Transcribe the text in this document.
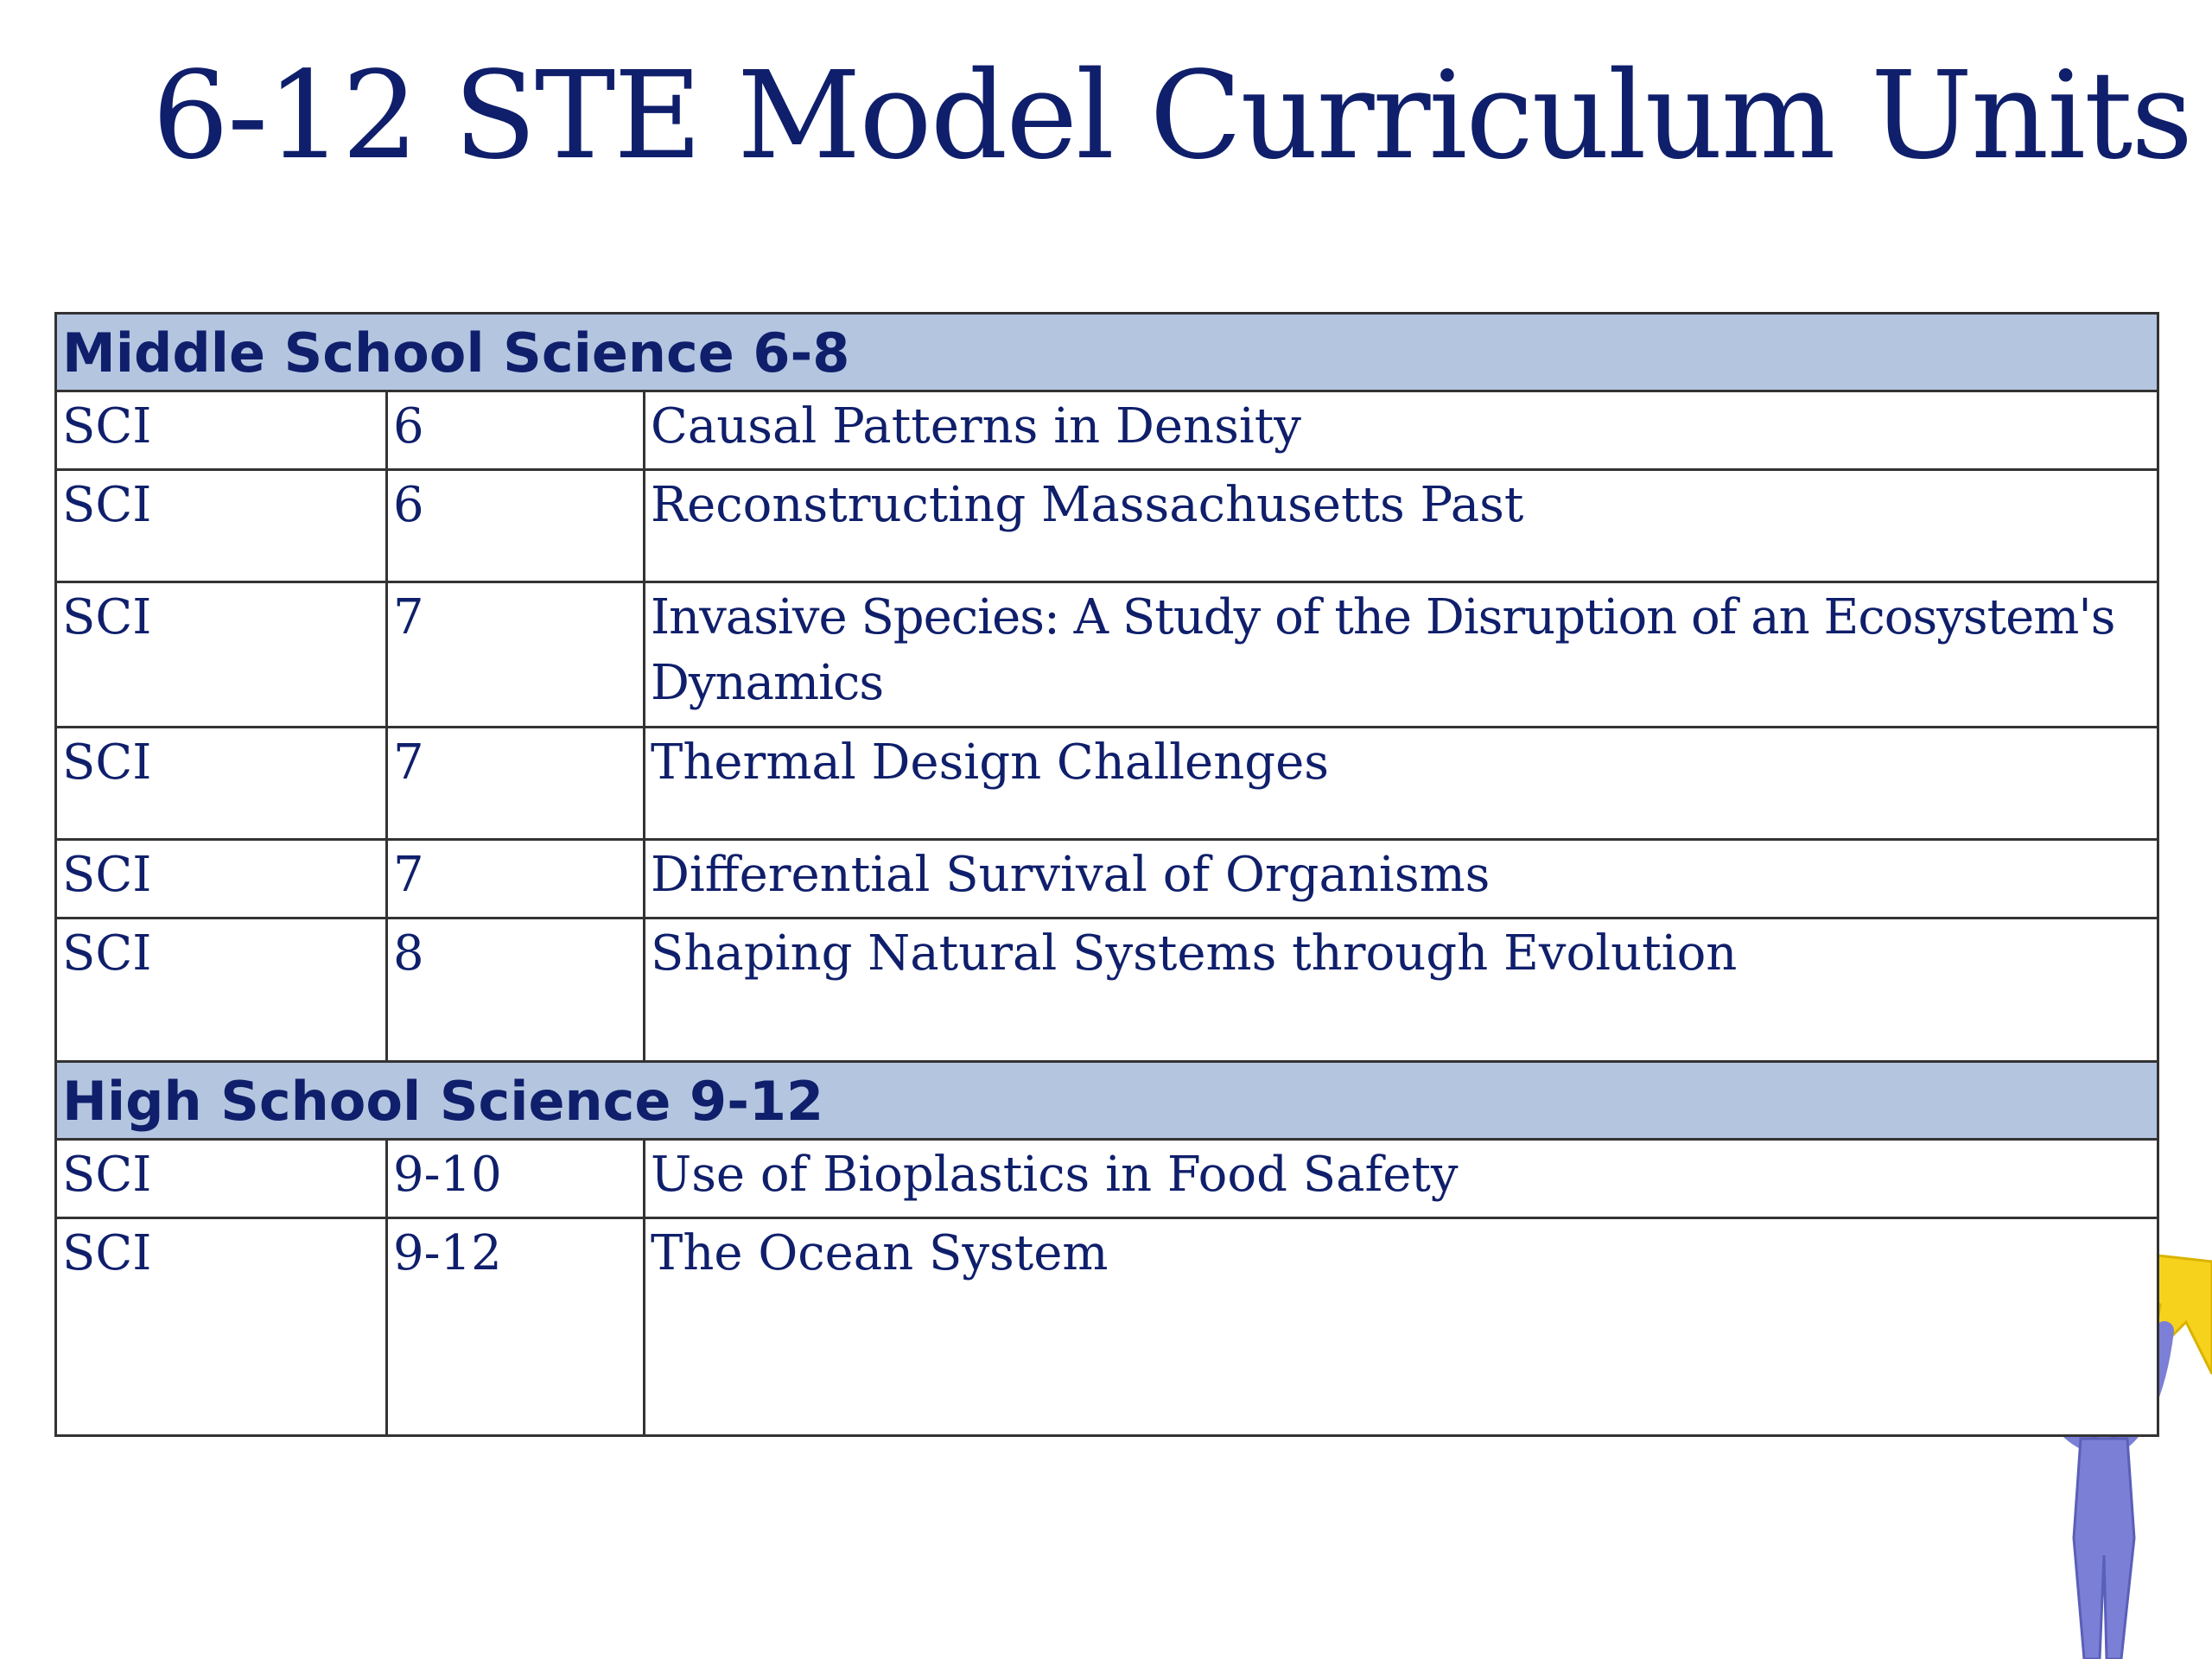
6-12 STE Model Curriculum Units
Middle School Science 6-8		
SCI	6	Causal Patterns in Density
SCI	6	Reconstructing Massachusetts Past
SCI	7	Invasive Species: A Study of the Disruption of an Ecosystem's Dynamics
SCI	7	Thermal Design Challenges
SCI	7	Differential Survival of Organisms
SCI	8	Shaping Natural Systems through Evolution
High School Science 9-12		
SCI	9-10	Use of Bioplastics in Food Safety
SCI	9-12	The Ocean System
